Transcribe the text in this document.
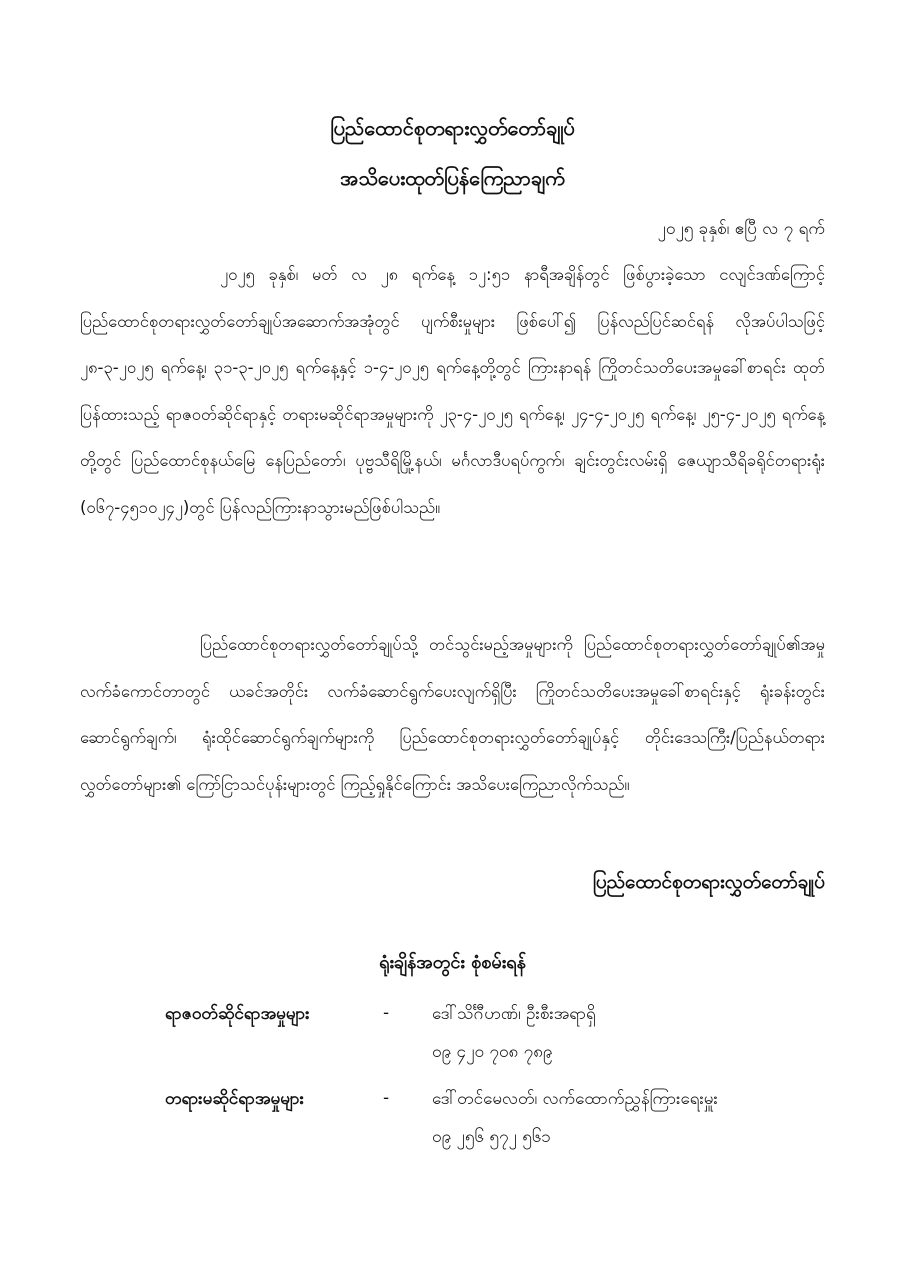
ပြည်ထောင်စုတရားလွှတ်တော်ချုပ်
အသိပေးထုတ်ပြန်ကြေညာချက်
၂၀၂၅ ခုနှစ်၊ ဧပြီ လ ၇ ရက်

၂၀၂၅ ခုနှစ်၊ မတ် လ ၂၈ ရက်နေ့ ၁၂:၅၁ နာရီအချိန်တွင် ဖြစ်ပွားခဲ့သော ငလျင်ဒဏ်ကြောင့် ပြည်ထောင်စုတရားလွှတ်တော်ချုပ်အဆောက်အအုံတွင် ပျက်စီးမှုများ ဖြစ်ပေါ်၍ ပြန်လည်ပြင်ဆင်ရန် လိုအပ်ပါသဖြင့် ၂၈-၃-၂၀၂၅ ရက်နေ့၊ ၃၁-၃-၂၀၂၅ ရက်နေ့နှင့် ၁-၄-၂၀၂၅ ရက်နေ့တို့တွင် ကြားနာရန် ကြိုတင်သတိပေးအမှုခေါ်စာရင်း ထုတ်ပြန်ထားသည့် ရာဇဝတ်ဆိုင်ရာနှင့် တရားမဆိုင်ရာအမှုများကို ၂၃-၄-၂၀၂၅ ရက်နေ့၊ ၂၄-၄-၂၀၂၅ ရက်နေ့၊ ၂၅-၄-၂၀၂၅ ရက်နေ့တို့တွင် ပြည်ထောင်စုနယ်မြေ နေပြည်တော်၊ ပုဗ္ဗသီရိမြို့နယ်၊ မင်္ဂလာဒီပရပ်ကွက်၊ ချင်းတွင်းလမ်းရှိ ဇေယျာသီရိခရိုင်တရားရုံး (၀၆၇-၄၅၁၀၂၄၂)တွင် ပြန်လည်ကြားနာသွားမည်ဖြစ်ပါသည်။

ပြည်ထောင်စုတရားလွှတ်တော်ချုပ်သို့ တင်သွင်းမည့်အမှုများကို ပြည်ထောင်စုတရားလွှတ်တော်ချုပ်၏အမှုလက်ခံကောင်တာတွင် ယခင်အတိုင်း လက်ခံဆောင်ရွက်ပေးလျက်ရှိပြီး ကြိုတင်သတိပေးအမှုခေါ်စာရင်းနှင့် ရုံးခန်းတွင်းဆောင်ရွက်ချက်၊ ရုံးထိုင်ဆောင်ရွက်ချက်များကို ပြည်ထောင်စုတရားလွှတ်တော်ချုပ်နှင့် တိုင်းဒေသကြီး/ပြည်နယ်တရားလွှတ်တော်များ၏ ကြော်ငြာသင်ပုန်းများတွင် ကြည့်ရှုနိုင်ကြောင်း အသိပေးကြေညာလိုက်သည်။

ပြည်ထောင်စုတရားလွှတ်တော်ချုပ်
ရုံးချိန်အတွင်း စုံစမ်းရန်
ရာဇဝတ်ဆိုင်ရာအမှုများ	-	ဒေါ်သိင်္ဂီဟဏ်၊ ဦးစီးအရာရှိ
၀၉ ၄၂၀ ၇၀၈ ၇၈၉
တရားမဆိုင်ရာအမှုများ	-	ဒေါ်တင်မေလတ်၊ လက်ထောက်ညွှန်ကြားရေးမှူး
၀၉ ၂၅၆ ၅၇၂ ၅၆၁
